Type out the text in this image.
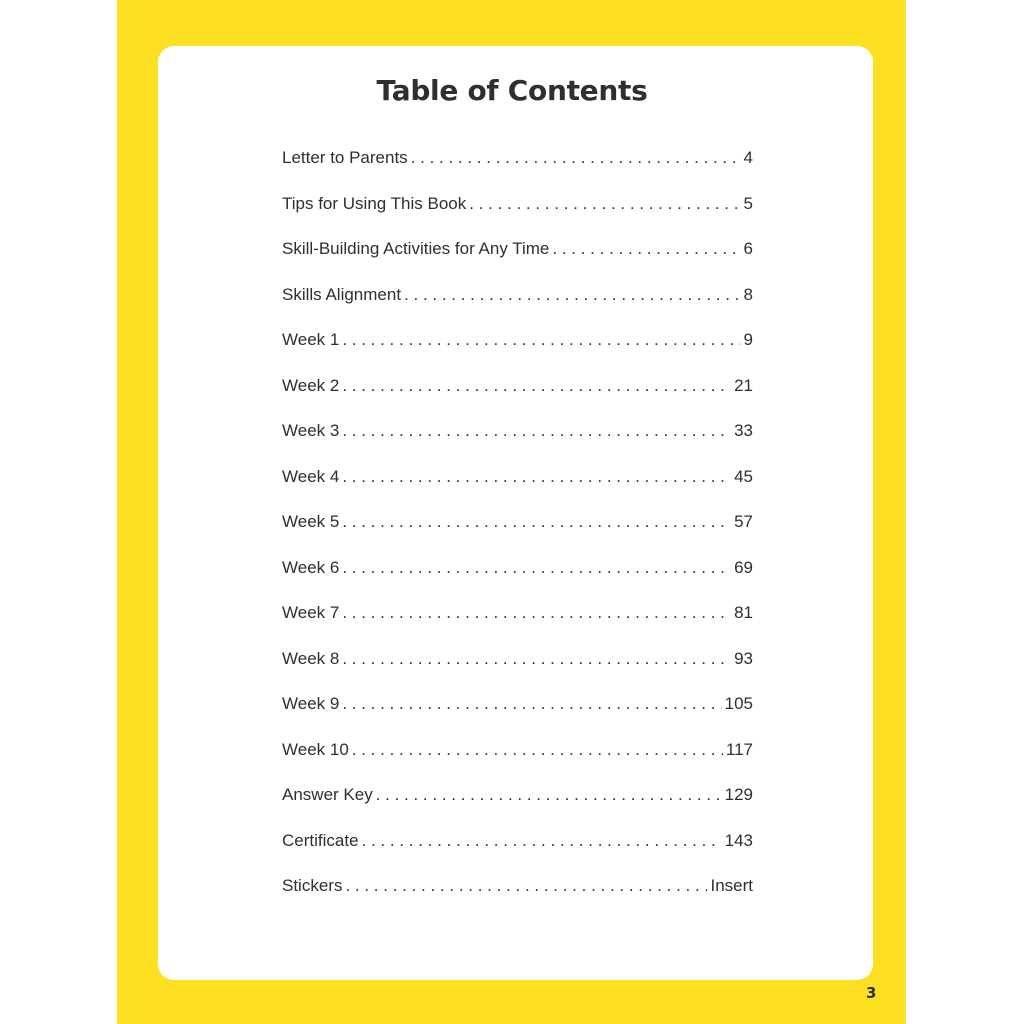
Table of Contents
Letter to Parents . . .	4
Tips for Using This Book . . .	5
Skill-Building Activities for Any Time . . .	6
Skills Alignment . . .	8
Week 1 . . .	9
Week 2 . . .	21
Week 3 . . .	33
Week 4 . . .	45
Week 5 . . .	57
Week 6 . . .	69
Week 7 . . .	81
Week 8 . . .	93
Week 9 . . .	105
Week 10 . . .	117
Answer Key . . .	129
Certificate . . .	143
Stickers . . .	Insert
3
